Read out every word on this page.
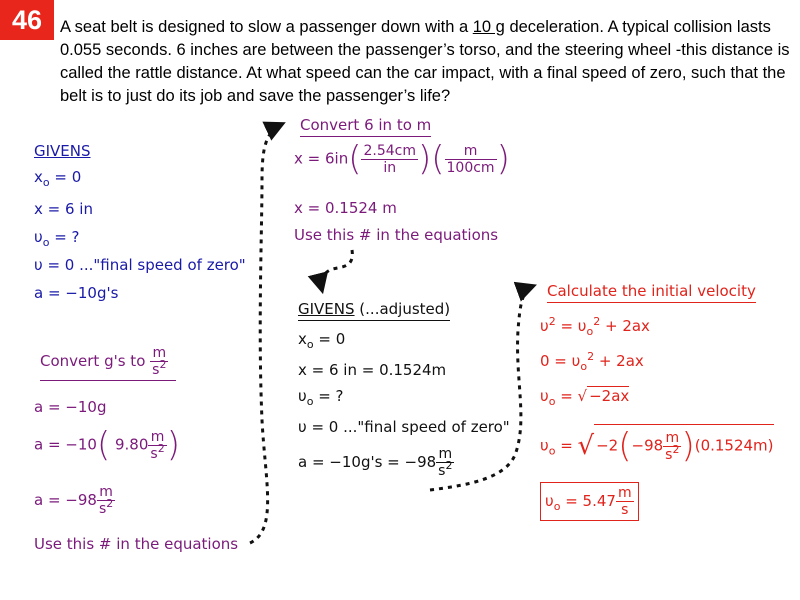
46	A seat belt is designed to slow a passenger down with a 10 g deceleration. A typical collision lasts 0.055 seconds. 6 inches are between the passenger’s torso, and the steering wheel -this distance is called the rattle distance. At what speed can the car impact, with a final speed of zero, such that the belt is to just do its job and save the passenger’s life?
GIVENS
$x_o = 0$
x = 6 in
$\upsilon_o$ = ?
υ = 0 ..."final speed of zero"
a = −10g's
Convert g's to $\frac{m}{s^2}$
a = −10g
a = −10( $9.80 \frac{m}{s^2}$ )
$a = -98 \frac{m}{s^2}$
Use this # in the equations
Convert 6 in to m
$x = 6in( \frac{2.54cm}{in}$ )( $\frac{m}{100cm}$ )
x = 0.1524 m
Use this # in the equations
GIVENS (...adjusted)
$x_o = 0$
x = 6 in = 0.1524m
$\upsilon_o$ = ?
υ = 0 ..."final speed of zero"
$a = -10g's = -98 \frac{m}{s^2}$
Calculate the initial velocity
$\upsilon^2 = \upsilon_o^2 + 2ax$
$0 = \upsilon_o^2 + 2ax$
$\upsilon_o$ = √ −2ax
$\upsilon_o$ = √ $-2(-98 \frac{m}{s^2} )(0.1524m)$
$\upsilon_o = 5.47 \frac{m}{s}$
